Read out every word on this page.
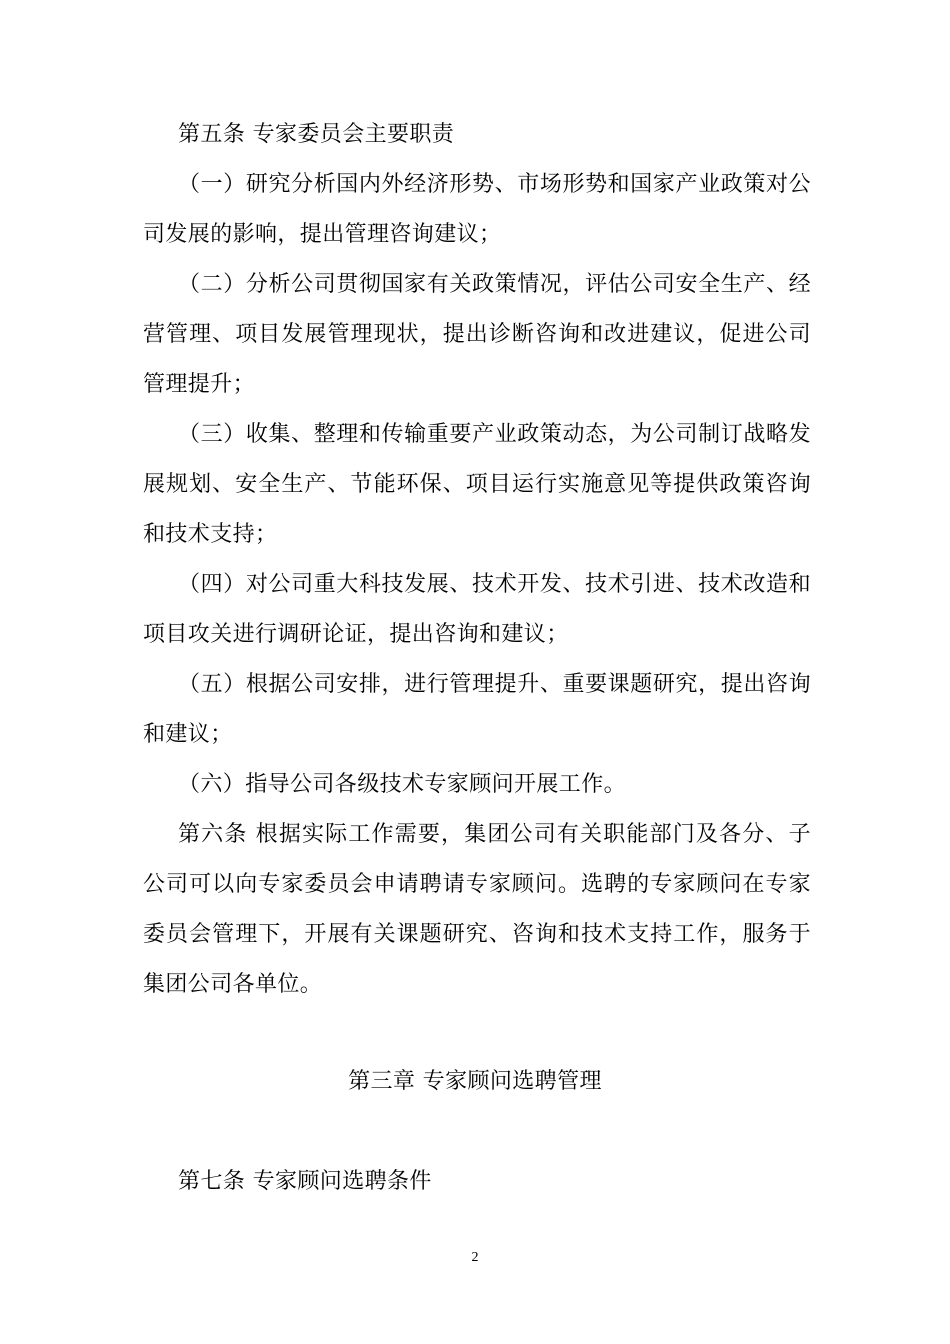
第五条 专家委员会主要职责

（一）研究分析国内外经济形势、市场形势和国家产业政策对公司发展的影响，提出管理咨询建议；

（二）分析公司贯彻国家有关政策情况，评估公司安全生产、经营管理、项目发展管理现状，提出诊断咨询和改进建议，促进公司管理提升；

（三）收集、整理和传输重要产业政策动态，为公司制订战略发展规划、安全生产、节能环保、项目运行实施意见等提供政策咨询和技术支持；

（四）对公司重大科技发展、技术开发、技术引进、技术改造和项目攻关进行调研论证，提出咨询和建议；

（五）根据公司安排，进行管理提升、重要课题研究，提出咨询和建议；

（六）指导公司各级技术专家顾问开展工作。

第六条 根据实际工作需要，集团公司有关职能部门及各分、子公司可以向专家委员会申请聘请专家顾问。选聘的专家顾问在专家委员会管理下，开展有关课题研究、咨询和技术支持工作，服务于集团公司各单位。

第三章 专家顾问选聘管理

第七条 专家顾问选聘条件

2
